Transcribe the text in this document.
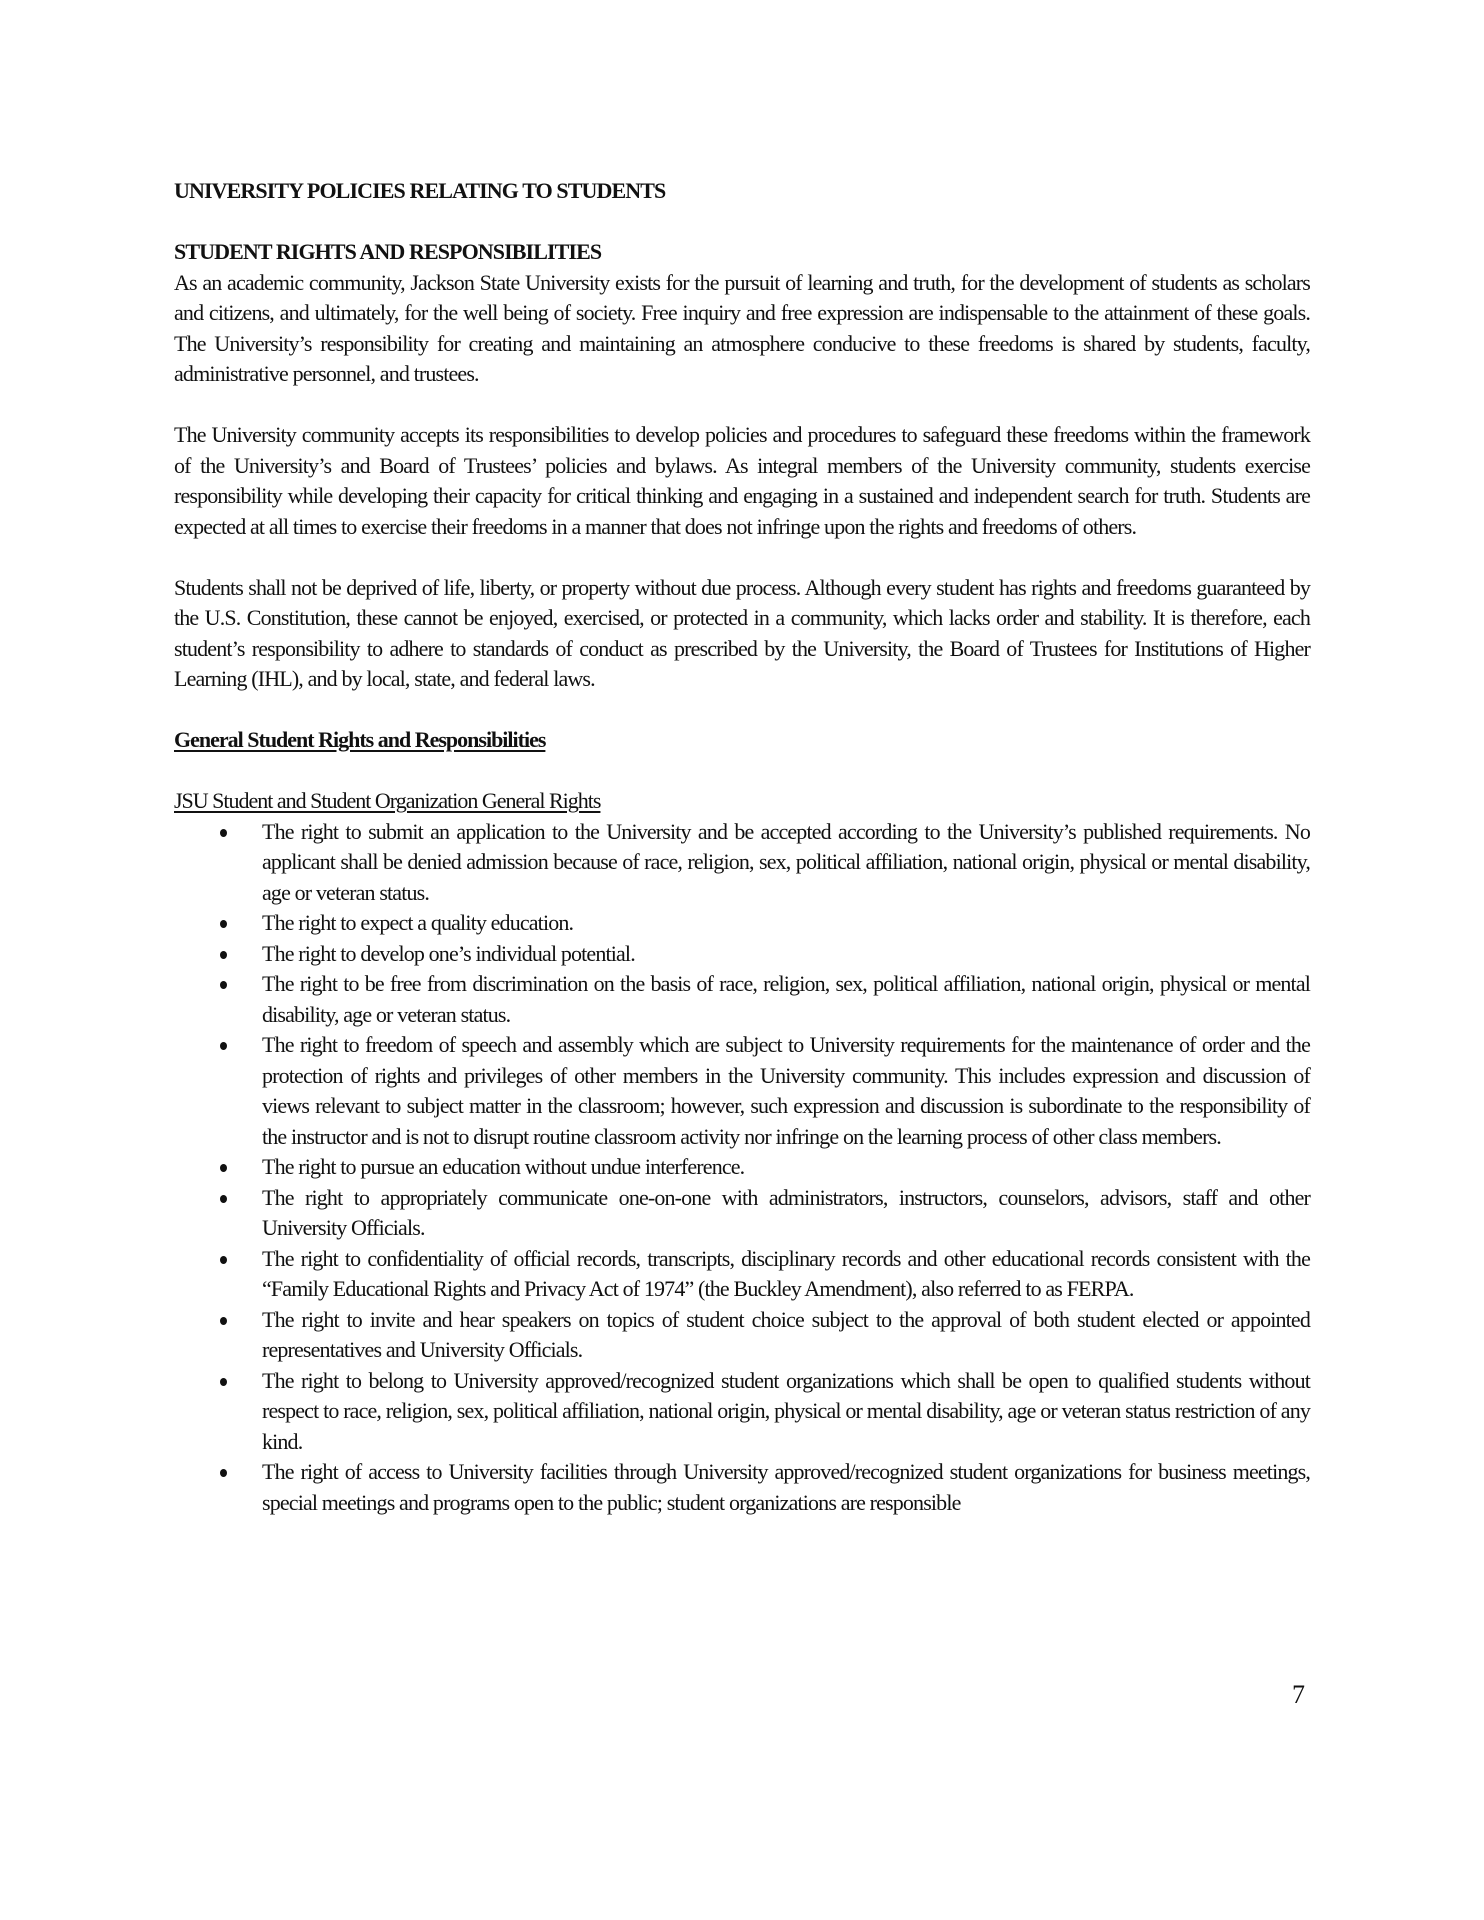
UNIVERSITY POLICIES RELATING TO STUDENTS
STUDENT RIGHTS AND RESPONSIBILITIES

As an academic community, Jackson State University exists for the pursuit of learning and truth, for the development of students as scholars and citizens, and ultimately, for the well being of society. Free inquiry and free expression are indispensable to the attainment of these goals. The University’s responsibility for creating and maintaining an atmosphere conducive to these freedoms is shared by students, faculty, administrative personnel, and trustees.

The University community accepts its responsibilities to develop policies and procedures to safeguard these freedoms within the framework of the University’s and Board of Trustees’ policies and bylaws. As integral members of the University community, students exercise responsibility while developing their capacity for critical thinking and engaging in a sustained and independent search for truth. Students are expected at all times to exercise their freedoms in a manner that does not infringe upon the rights and freedoms of others.

Students shall not be deprived of life, liberty, or property without due process. Although every student has rights and freedoms guaranteed by the U.S. Constitution, these cannot be enjoyed, exercised, or protected in a community, which lacks order and stability. It is therefore, each student’s responsibility to adhere to standards of conduct as prescribed by the University, the Board of Trustees for Institutions of Higher Learning (IHL), and by local, state, and federal laws.

General Student Rights and Responsibilities
JSU Student and Student Organization General Rights
The right to submit an application to the University and be accepted according to the University’s published requirements. No applicant shall be denied admission because of race, religion, sex, political affiliation, national origin, physical or mental disability, age or veteran status.
The right to expect a quality education.
The right to develop one’s individual potential.
The right to be free from discrimination on the basis of race, religion, sex, political affiliation, national origin, physical or mental disability, age or veteran status.
The right to freedom of speech and assembly which are subject to University requirements for the maintenance of order and the protection of rights and privileges of other members in the University community. This includes expression and discussion of views relevant to subject matter in the classroom; however, such expression and discussion is subordinate to the responsibility of the instructor and is not to disrupt routine classroom activity nor infringe on the learning process of other class members.
The right to pursue an education without undue interference.
The right to appropriately communicate one-on-one with administrators, instructors, counselors, advisors, staff and other University Officials.
The right to confidentiality of official records, transcripts, disciplinary records and other educational records consistent with the “Family Educational Rights and Privacy Act of 1974” (the Buckley Amendment), also referred to as FERPA.
The right to invite and hear speakers on topics of student choice subject to the approval of both student elected or appointed representatives and University Officials.
The right to belong to University approved/recognized student organizations which shall be open to qualified students without respect to race, religion, sex, political affiliation, national origin, physical or mental disability, age or veteran status restriction of any kind.
The right of access to University facilities through University approved/recognized student organizations for business meetings, special meetings and programs open to the public; student organizations are responsible
7
